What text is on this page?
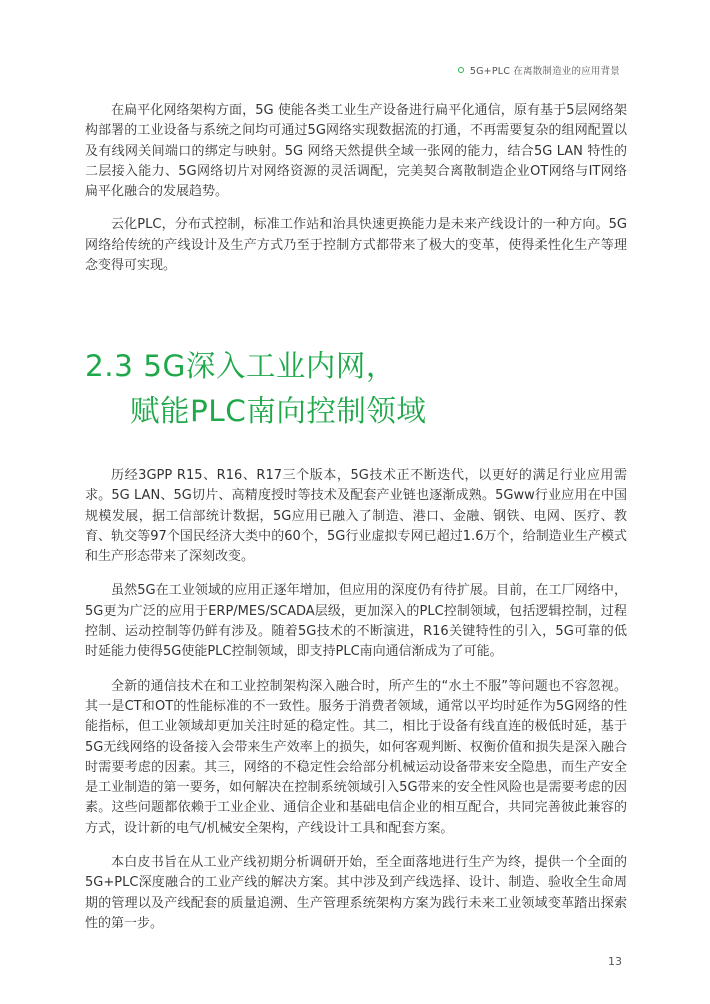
5G+PLC 在离散制造业的应用背景

在扁平化网络架构方面，5G 使能各类工业生产设备进行扁平化通信，原有基于5层网络架构部署的工业设备与系统之间均可通过5G网络实现数据流的打通，不再需要复杂的组网配置以及有线网关间端口的绑定与映射。5G 网络天然提供全域一张网的能力，结合5G LAN 特性的二层接入能力、5G网络切片对网络资源的灵活调配，完美契合离散制造企业OT网络与IT网络扁平化融合的发展趋势。

云化PLC，分布式控制，标准工作站和治具快速更换能力是未来产线设计的一种方向。5G网络给传统的产线设计及生产方式乃至于控制方式都带来了极大的变革，使得柔性化生产等理念变得可实现。

2.3 5G深入工业内网，
赋能PLC南向控制领域

历经3GPP R15、R16、R17三个版本，5G技术正不断迭代，以更好的满足行业应用需求。5G LAN、5G切片、高精度授时等技术及配套产业链也逐渐成熟。5Gww行业应用在中国规模发展，据工信部统计数据，5G应用已融入了制造、港口、金融、钢铁、电网、医疗、教育、轨交等97个国民经济大类中的60个，5G行业虚拟专网已超过1.6万个，给制造业生产模式和生产形态带来了深刻改变。

虽然5G在工业领域的应用正逐年增加，但应用的深度仍有待扩展。目前，在工厂网络中，5G更为广泛的应用于ERP/MES/SCADA层级，更加深入的PLC控制领域，包括逻辑控制，过程控制、运动控制等仍鲜有涉及。随着5G技术的不断演进，R16关键特性的引入，5G可靠的低时延能力使得5G使能PLC控制领域，即支持PLC南向通信渐成为了可能。

全新的通信技术在和工业控制架构深入融合时，所产生的“水土不服”等问题也不容忽视。其一是CT和OT的性能标准的不一致性。服务于消费者领域，通常以平均时延作为5G网络的性能指标，但工业领域却更加关注时延的稳定性。其二，相比于设备有线直连的极低时延，基于5G无线网络的设备接入会带来生产效率上的损失，如何客观判断、权衡价值和损失是深入融合时需要考虑的因素。其三，网络的不稳定性会给部分机械运动设备带来安全隐患，而生产安全是工业制造的第一要务，如何解决在控制系统领域引入5G带来的安全性风险也是需要考虑的因素。这些问题都依赖于工业企业、通信企业和基础电信企业的相互配合，共同完善彼此兼容的方式，设计新的电气/机械安全架构，产线设计工具和配套方案。

本白皮书旨在从工业产线初期分析调研开始，至全面落地进行生产为终，提供一个全面的5G+PLC深度融合的工业产线的解决方案。其中涉及到产线选择、设计、制造、验收全生命周期的管理以及产线配套的质量追溯、生产管理系统架构方案为践行未来工业领域变革踏出探索性的第一步。

13
